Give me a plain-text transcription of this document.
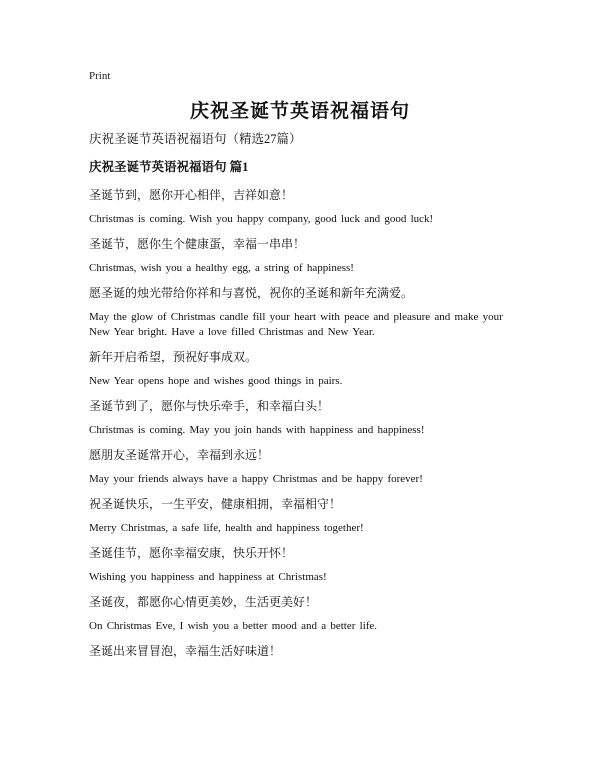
Print
庆祝圣诞节英语祝福语句
庆祝圣诞节英语祝福语句（精选27篇）
庆祝圣诞节英语祝福语句 篇1
圣诞节到，愿你开心相伴，吉祥如意！
Christmas is coming. Wish you happy company, good luck and good luck!
圣诞节，愿你生个健康蛋，幸福一串串！
Christmas, wish you a healthy egg, a string of happiness!
愿圣诞的烛光带给你祥和与喜悦，祝你的圣诞和新年充满爱。
May the glow of Christmas candle fill your heart with peace and pleasure and make your New Year bright. Have a love filled Christmas and New Year.
新年开启希望，预祝好事成双。
New Year opens hope and wishes good things in pairs.
圣诞节到了，愿你与快乐牵手，和幸福白头！
Christmas is coming. May you join hands with happiness and happiness!
愿朋友圣诞常开心，幸福到永远！
May your friends always have a happy Christmas and be happy forever!
祝圣诞快乐，一生平安，健康相拥，幸福相守！
Merry Christmas, a safe life, health and happiness together!
圣诞佳节，愿你幸福安康，快乐开怀！
Wishing you happiness and happiness at Christmas!
圣诞夜，都愿你心情更美妙，生活更美好！
On Christmas Eve, I wish you a better mood and a better life.
圣诞出来冒冒泡，幸福生活好味道！
